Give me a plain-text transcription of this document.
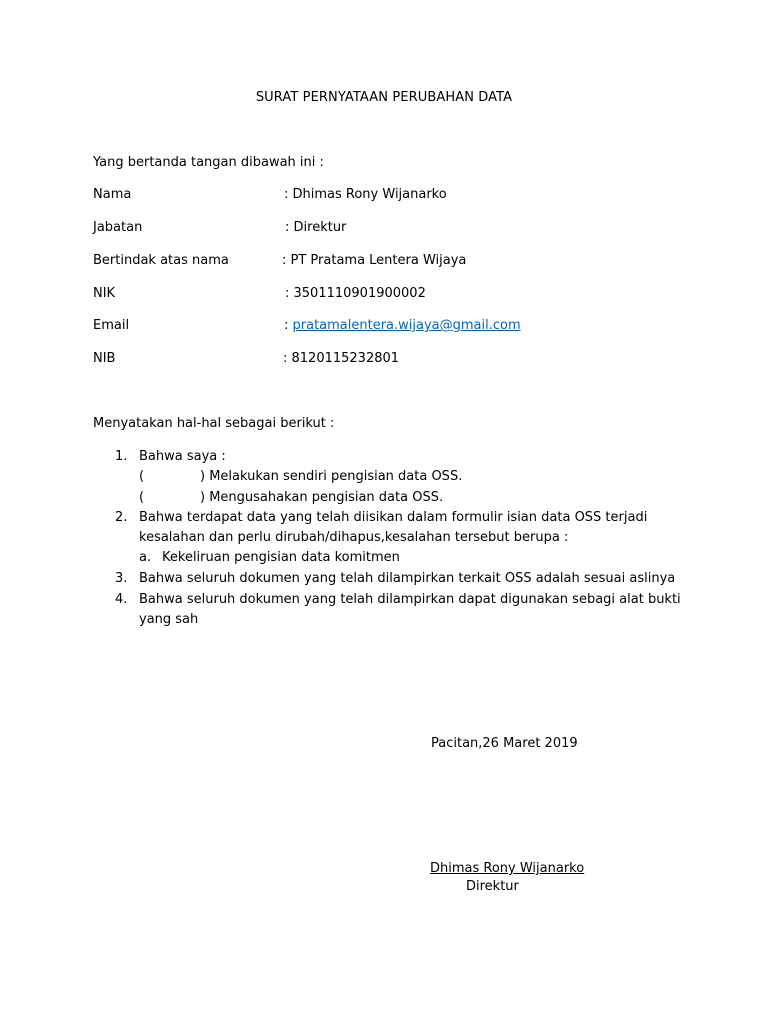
SURAT PERNYATAAN PERUBAHAN DATA
Yang bertanda tangan dibawah ini :
Nama	: Dhimas Rony Wijanarko
Jabatan	: Direktur
Bertindak atas nama	: PT Pratama Lentera Wijaya
NIK	: 3501110901900002
Email	: pratamalentera.wijaya@gmail.com
NIB	: 8120115232801
Menyatakan hal-hal sebagai berikut :
1. Bahwa saya :
(	) Melakukan sendiri pengisian data OSS.
(	) Mengusahakan pengisian data OSS.
2. Bahwa terdapat data yang telah diisikan dalam formulir isian data OSS terjadi
kesalahan dan perlu dirubah/dihapus,kesalahan tersebut berupa :
a. Kekeliruan pengisian data komitmen
3. Bahwa seluruh dokumen yang telah dilampirkan terkait OSS adalah sesuai aslinya
4. Bahwa seluruh dokumen yang telah dilampirkan dapat digunakan sebagi alat bukti
yang sah
Pacitan,26 Maret 2019
Dhimas Rony Wijanarko
Direktur
